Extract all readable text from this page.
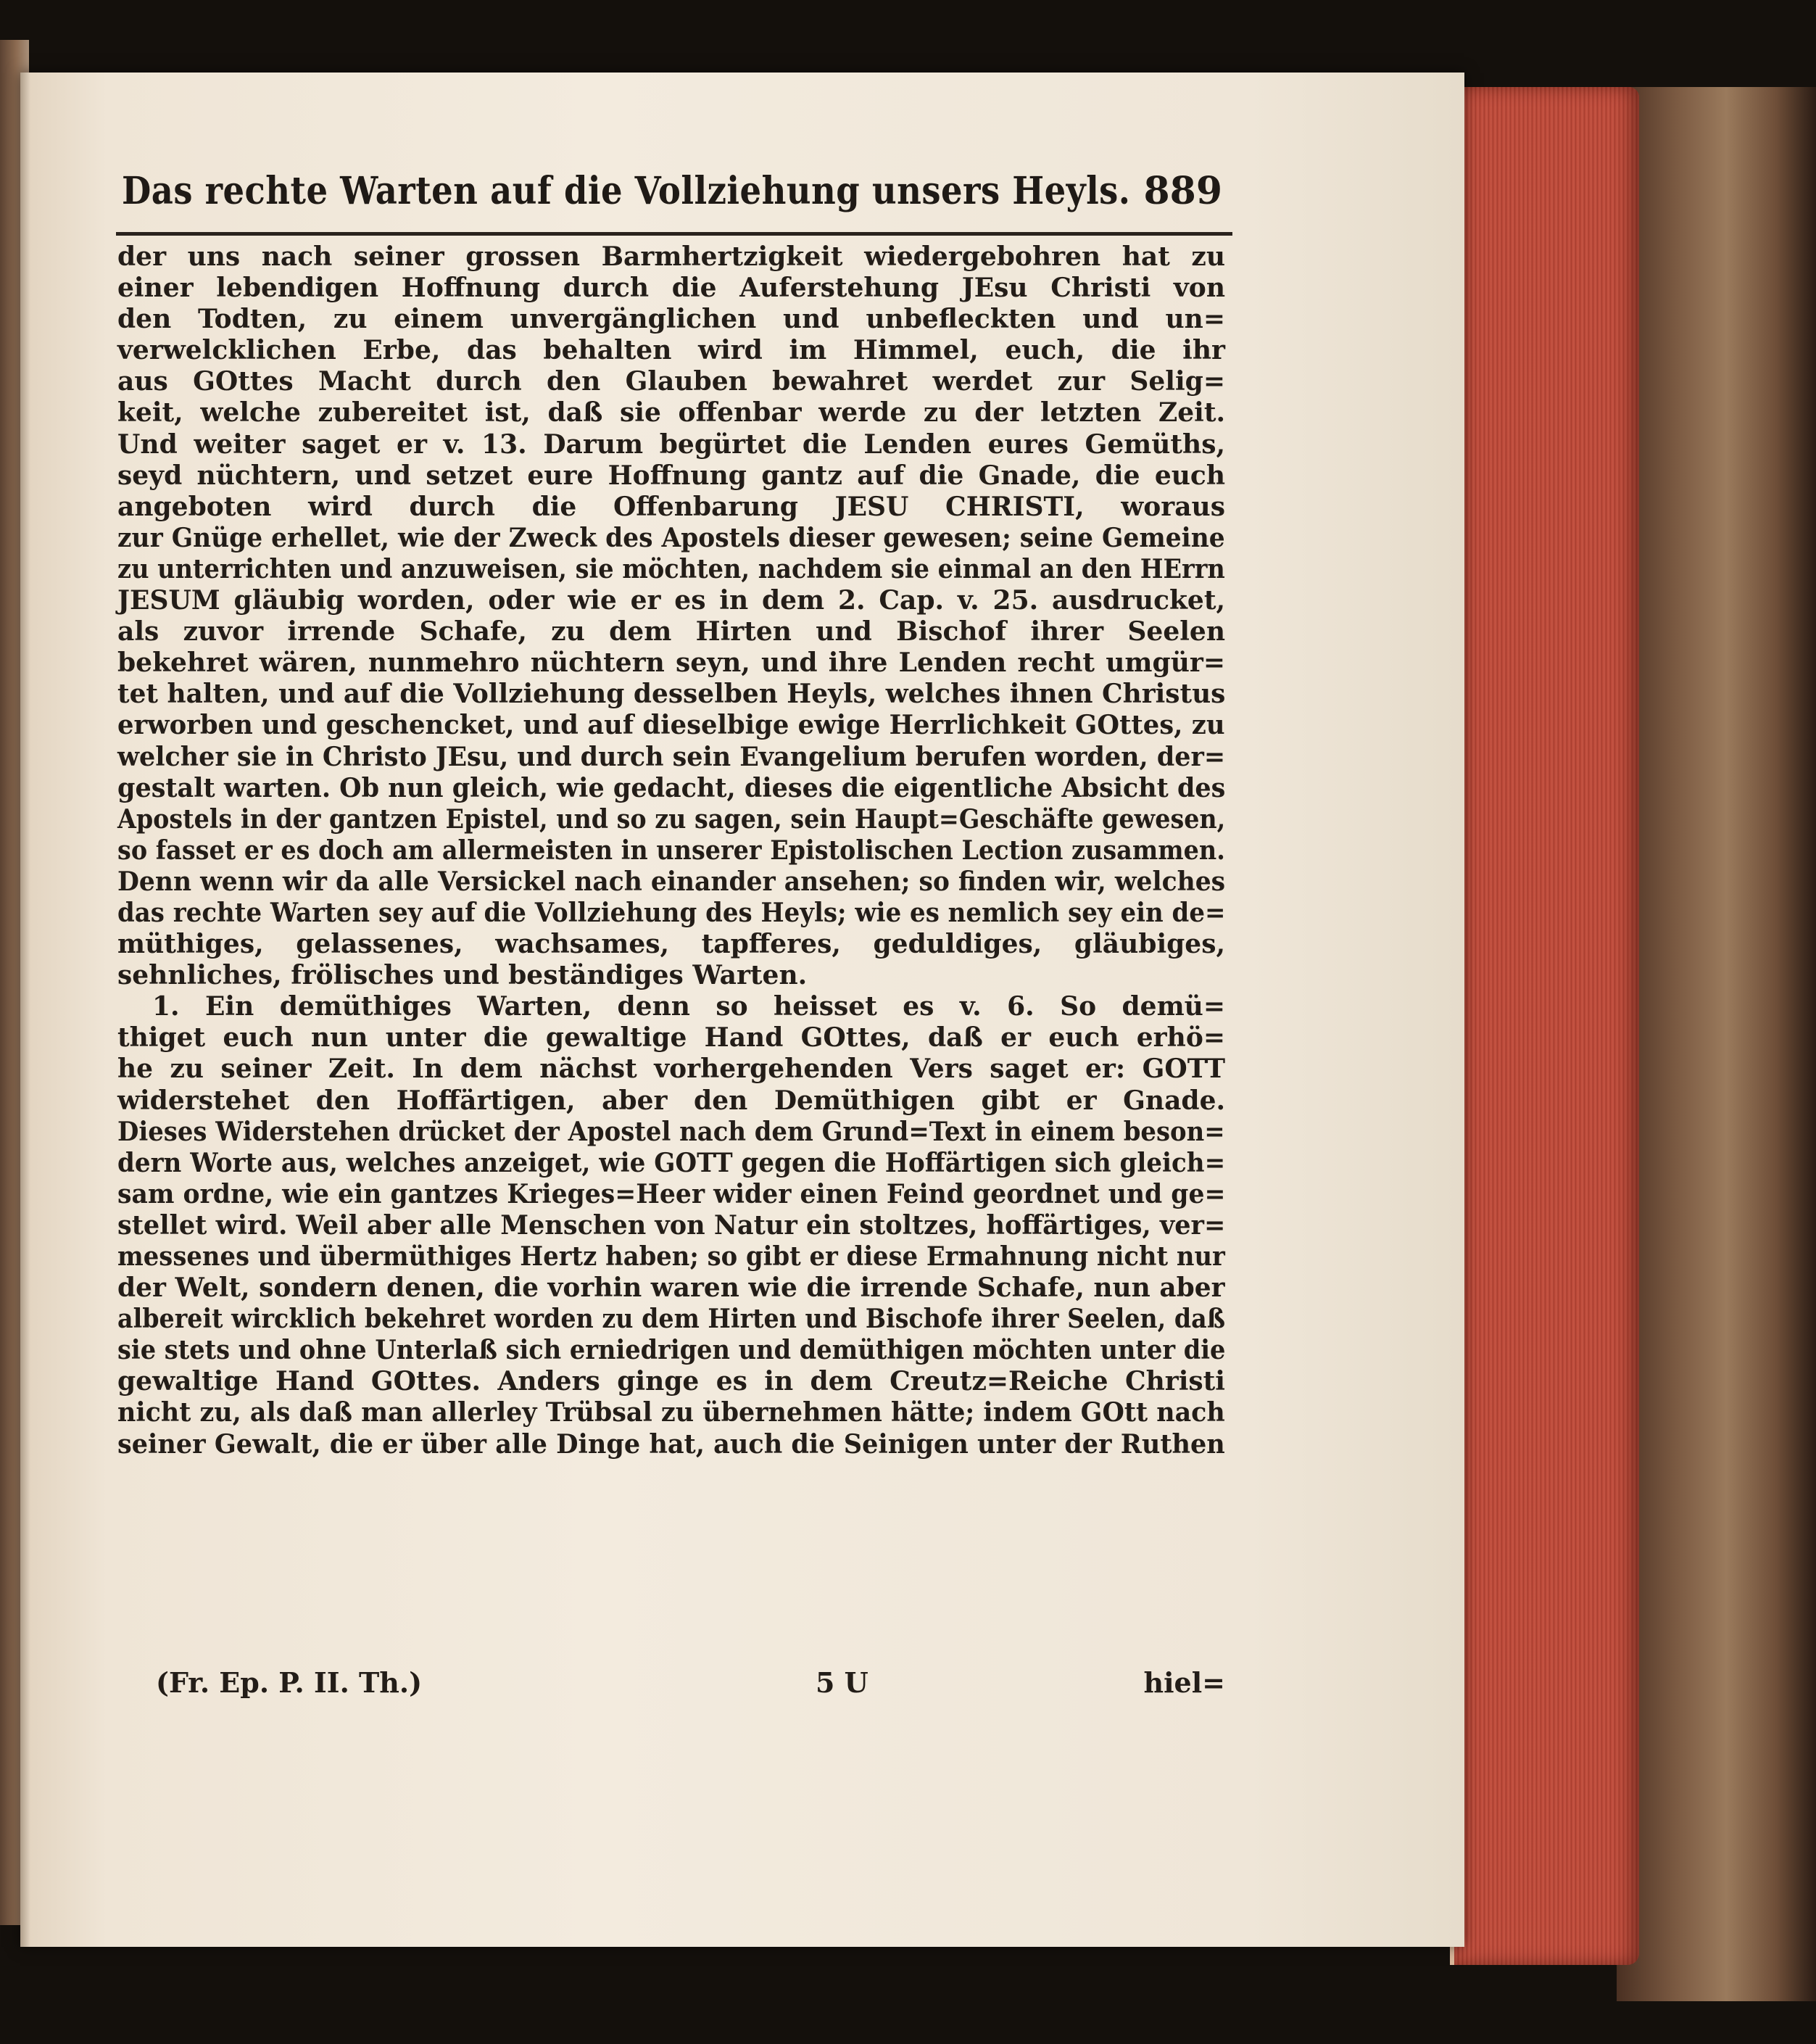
Das rechte Warten auf die Vollziehung unsers Heyls. 889
der uns nach seiner grossen Barmhertzigkeit wiedergebohren hat zu
einer lebendigen Hoffnung durch die Auferstehung JEsu Christi von
den Todten, zu einem unvergänglichen und unbefleckten und un=
verwelcklichen Erbe, das behalten wird im Himmel, euch, die ihr
aus GOttes Macht durch den Glauben bewahret werdet zur Selig=
keit, welche zubereitet ist, daß sie offenbar werde zu der letzten Zeit.
Und weiter saget er v. 13. Darum begürtet die Lenden eures Gemüths,
seyd nüchtern, und setzet eure Hoffnung gantz auf die Gnade, die euch
angeboten wird durch die Offenbarung JESU CHRISTI, woraus
zur Gnüge erhellet, wie der Zweck des Apostels dieser gewesen; seine Gemeine
zu unterrichten und anzuweisen, sie möchten, nachdem sie einmal an den HErrn
JESUM gläubig worden, oder wie er es in dem 2. Cap. v. 25. ausdrucket,
als zuvor irrende Schafe, zu dem Hirten und Bischof ihrer Seelen
bekehret wären, nunmehro nüchtern seyn, und ihre Lenden recht umgür=
tet halten, und auf die Vollziehung desselben Heyls, welches ihnen Christus
erworben und geschencket, und auf dieselbige ewige Herrlichkeit GOttes, zu
welcher sie in Christo JEsu, und durch sein Evangelium berufen worden, der=
gestalt warten. Ob nun gleich, wie gedacht, dieses die eigentliche Absicht des
Apostels in der gantzen Epistel, und so zu sagen, sein Haupt=Geschäfte gewesen,
so fasset er es doch am allermeisten in unserer Epistolischen Lection zusammen.
Denn wenn wir da alle Versickel nach einander ansehen; so finden wir, welches
das rechte Warten sey auf die Vollziehung des Heyls; wie es nemlich sey ein de=
müthiges, gelassenes, wachsames, tapfferes, geduldiges, gläubiges,
sehnliches, frölisches und beständiges Warten.
1. Ein demüthiges Warten, denn so heisset es v. 6. So demü=
thiget euch nun unter die gewaltige Hand GOttes, daß er euch erhö=
he zu seiner Zeit. In dem nächst vorhergehenden Vers saget er: GOTT
widerstehet den Hoffärtigen, aber den Demüthigen gibt er Gnade.
Dieses Widerstehen drücket der Apostel nach dem Grund=Text in einem beson=
dern Worte aus, welches anzeiget, wie GOTT gegen die Hoffärtigen sich gleich=
sam ordne, wie ein gantzes Krieges=Heer wider einen Feind geordnet und ge=
stellet wird. Weil aber alle Menschen von Natur ein stoltzes, hoffärtiges, ver=
messenes und übermüthiges Hertz haben; so gibt er diese Ermahnung nicht nur
der Welt, sondern denen, die vorhin waren wie die irrende Schafe, nun aber
albereit wircklich bekehret worden zu dem Hirten und Bischofe ihrer Seelen, daß
sie stets und ohne Unterlaß sich erniedrigen und demüthigen möchten unter die
gewaltige Hand GOttes. Anders ginge es in dem Creutz=Reiche Christi
nicht zu, als daß man allerley Trübsal zu übernehmen hätte; indem GOtt nach
seiner Gewalt, die er über alle Dinge hat, auch die Seinigen unter der Ruthen
(Fr. Ep. P. II. Th.)	5 U	hiel=
